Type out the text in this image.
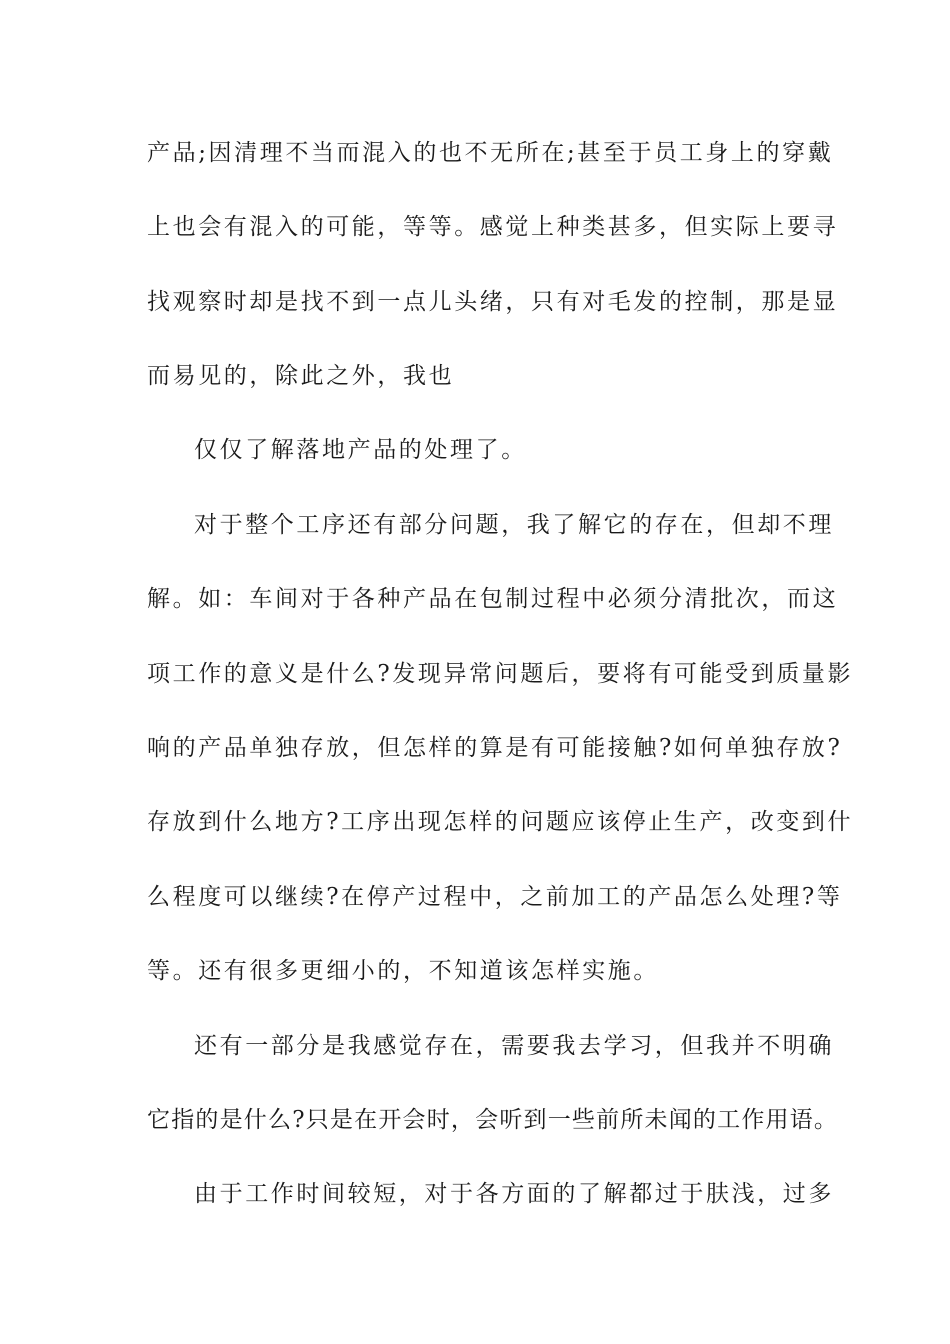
产品;因清理不当而混入的也不无所在;甚至于员工身上的穿戴
上也会有混入的可能，等等。感觉上种类甚多，但实际上要寻
找观察时却是找不到一点儿头绪，只有对毛发的控制，那是显
而易见的，除此之外，我也
仅仅了解落地产品的处理了。
对于整个工序还有部分问题，我了解它的存在，但却不理
解。如：车间对于各种产品在包制过程中必须分清批次，而这
项工作的意义是什么?发现异常问题后，要将有可能受到质量影
响的产品单独存放，但怎样的算是有可能接触?如何单独存放?
存放到什么地方?工序出现怎样的问题应该停止生产，改变到什
么程度可以继续?在停产过程中，之前加工的产品怎么处理?等
等。还有很多更细小的，不知道该怎样实施。
还有一部分是我感觉存在，需要我去学习，但我并不明确
它指的是什么?只是在开会时，会听到一些前所未闻的工作用语。
由于工作时间较短，对于各方面的了解都过于肤浅，过多
